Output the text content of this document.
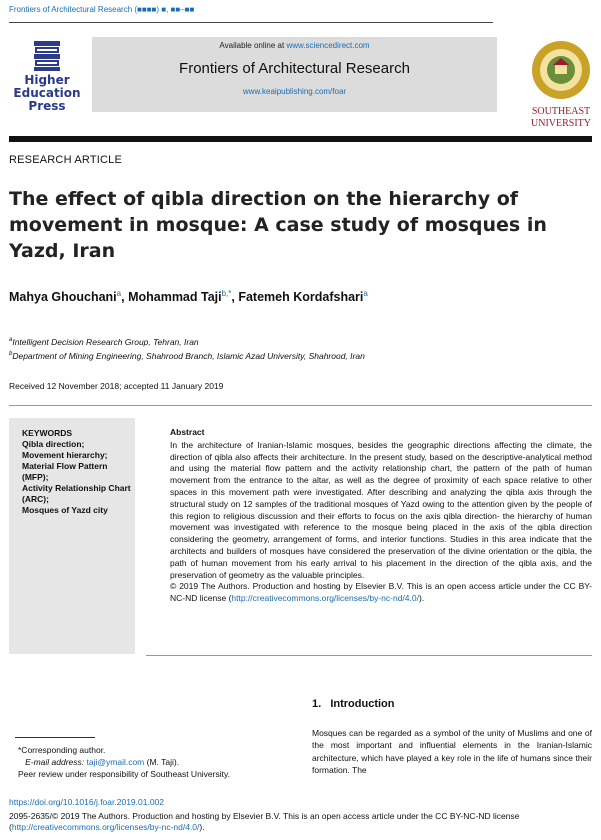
Frontiers of Architectural Research (■■■■) ■, ■■–■■
Higher
Education
Press
Available online at www.sciencedirect.com
Frontiers of Architectural Research
www.keaipublishing.com/foar
SOUTHEAST
UNIVERSITY
RESEARCH ARTICLE
The effect of qibla direction on the hierarchy of movement in mosque: A case study of mosques in Yazd, Iran
Mahya Ghouchani$^a$, Mohammad Taji$^{b,*}$, Fatemeh Kordafshari$^a$
$^a$Intelligent Decision Research Group, Tehran, Iran
$^b$Department of Mining Engineering, Shahrood Branch, Islamic Azad University, Shahrood, Iran
Received 12 November 2018; accepted 11 January 2019
KEYWORDS
Qibla direction;
Movement hierarchy;
Material Flow Pattern (MFP);
Activity Relationship Chart (ARC);
Mosques of Yazd city
Abstract
In the architecture of Iranian-Islamic mosques, besides the geographic directions affecting the climate, the direction of qibla also affects their architecture. In the present study, based on the descriptive-analytical method and using the material flow pattern and the activity relationship chart, the pattern of the path of human movement from the entrance to the altar, as well as the degree of proximity of each space relative to other spaces in this movement path were investigated. After describing and analyzing the qibla axis through the structural study on 12 samples of the traditional mosques of Yazd owing to the attention given by the people of this region to religious discussion and their efforts to focus on the axis qibla direction- the hierarchy of human movement was investigated with reference to the mosque being placed in the axis of the qibla direction considering the geometry, arrangement of forms, and interior functions. Studies in this area indicate that the architects and builders of mosques have considered the preservation of the divine orientation or the qibla, the path of human movement from his early arrival to his placement in the direction of the qibla axis, and the preservation of geometry as the valuable principles.
© 2019 The Authors. Production and hosting by Elsevier B.V. This is an open access article under the CC BY-NC-ND license (http://creativecommons.org/licenses/by-nc-nd/4.0/).
1.   Introduction
Mosques can be regarded as a symbol of the unity of Muslims and one of the most important and influential elements in the Iranian-Islamic architecture, which have played a key role in the life of humans since their formation. The
*Corresponding author.
E-mail address: taji@ymail.com (M. Taji).
Peer review under responsibility of Southeast University.
https://doi.org/10.1016/j.foar.2019.01.002
2095-2635/© 2019 The Authors. Production and hosting by Elsevier B.V. This is an open access article under the CC BY-NC-ND license
(http://creativecommons.org/licenses/by-nc-nd/4.0/).
